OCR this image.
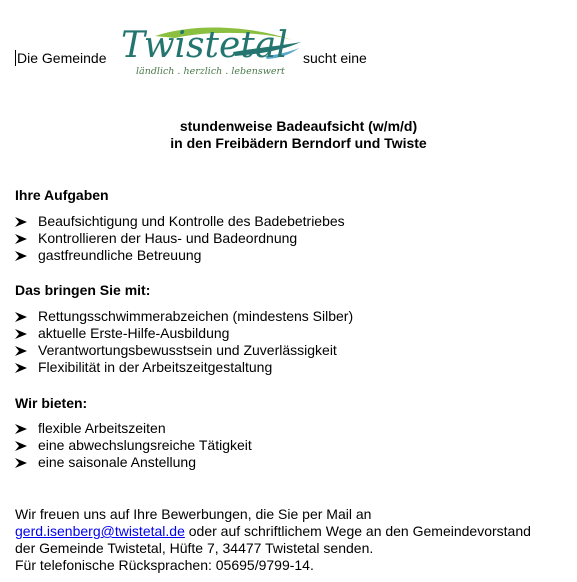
Die Gemeinde Twistetal
ländlich . herzlich . lebenswert
sucht eine
stundenweise Badeaufsicht (w/m/d)
in den Freibädern Berndorf und Twiste
Ihre Aufgaben
Beaufsichtigung und Kontrolle des Badebetriebes
Kontrollieren der Haus- und Badeordnung
gastfreundliche Betreuung
Das bringen Sie mit:
Rettungsschwimmerabzeichen (mindestens Silber)
aktuelle Erste-Hilfe-Ausbildung
Verantwortungsbewusstsein und Zuverlässigkeit
Flexibilität in der Arbeitszeitgestaltung
Wir bieten:
flexible Arbeitszeiten
eine abwechslungsreiche Tätigkeit
eine saisonale Anstellung
Wir freuen uns auf Ihre Bewerbungen, die Sie per Mail an
gerd.isenberg@twistetal.de oder auf schriftlichem Wege an den Gemeindevorstand
der Gemeinde Twistetal, Hüfte 7, 34477 Twistetal senden.
Für telefonische Rücksprachen: 05695/9799-14.
